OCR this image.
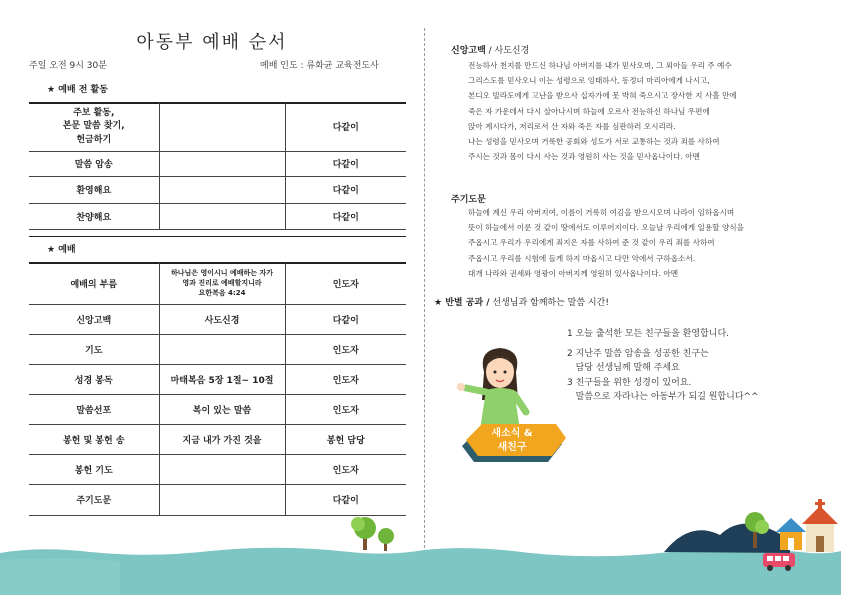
아동부 예배 순서
주일 오전 9시 30분	예배 인도 : 류화균 교육전도사
★ 예배 전 활동
주보 활동,
본문 말씀 찾기,
헌금하기		다같이
말씀 암송		다같이
환영해요		다같이
찬양해요		다같이
★ 예배
예배의 부름	하나님은 영이시니 예배하는 자가
영과 진리로 예배할지니라
요한복음 4:24	인도자
신앙고백	사도신경	다같이
기도		인도자
성경 봉독	마태복음 5장 1절~ 10절	인도자
말씀선포	복이 있는 말씀	인도자
봉헌 및 봉헌 송	지금 내가 가진 것을	봉헌 담당
봉헌 기도		인도자
주기도문		다같이
신앙고백 / 사도신경
전능하사 천지를 만드신 하나님 아버지를 내가 믿사오며, 그 외아들 우리 주 예수
그리스도를 믿사오니 이는 성령으로 잉태하사, 동정녀 마리아에게 나시고,
본디오 빌라도에게 고난을 받으사 십자가에 못 박혀 죽으시고 장사한 지 사흘 만에
죽은 자 가운데서 다시 살아나시며 하늘에 오르사 전능하신 하나님 우편에
앉아 계시다가, 저리로서 산 자와 죽은 자를 심판하러 오시리라.
나는 성령을 믿사오며 거룩한 공회와 성도가 서로 교통하는 것과 죄를 사하여
주시는 것과 몸이 다시 사는 것과 영원히 사는 것을 믿사옵나이다. 아멘
주기도문
하늘에 계신 우리 아버지여, 이름이 거룩히 여김을 받으시오며 나라이 임하옵시며
뜻이 하늘에서 이룬 것 같이 땅에서도 이루어지이다. 오늘날 우리에게 일용할 양식을
주옵시고 우리가 우리에게 죄지은 자를 사하여 준 것 같이 우리 죄를 사하여
주옵시고 우리를 시험에 들게 하지 마옵시고 다만 악에서 구하옵소서.
대개 나라와 권세와 영광이 아버지께 영원히 있사옵나이다. 아멘
★ 반별 공과 / 선생님과 함께하는 말씀 시간!
1 오늘 출석한 모든 친구들을 환영합니다.
2 지난주 말씀 암송을 성공한 친구는
담당 선생님께 말해 주세요
3 친구들을 위한 성경이 있어요.
말씀으로 자라나는 아동부가 되길 원합니다^^
새소식 &
새친구
